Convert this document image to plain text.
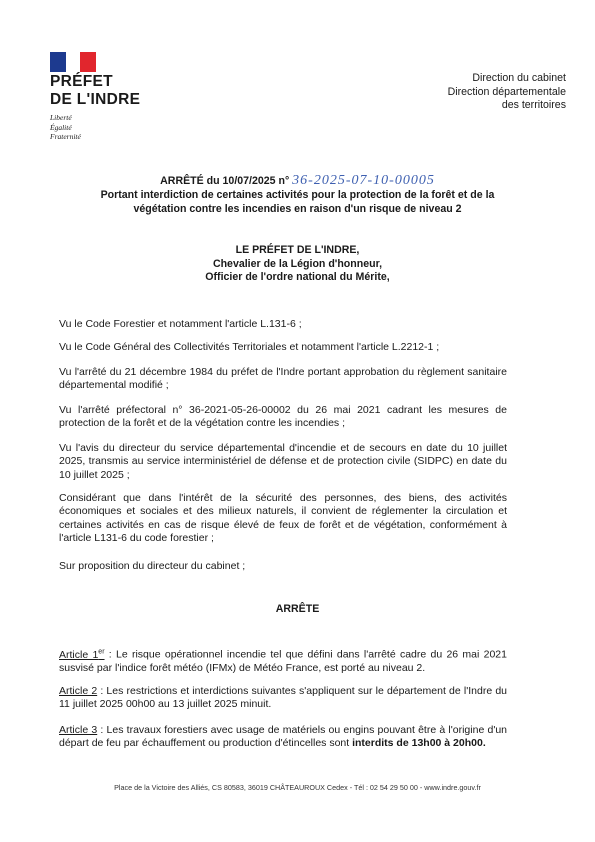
PRÉFET
DE L'INDRE
Liberté
Égalité
Fraternité
Direction du cabinet
Direction départementale
des territoires
ARRÊTÉ du 10/07/2025 n° 36-2025-07-10-00005
Portant interdiction de certaines activités pour la protection de la forêt et de la
végétation contre les incendies en raison d'un risque de niveau 2
LE PRÉFET DE L'INDRE,
Chevalier de la Légion d'honneur,
Officier de l'ordre national du Mérite,

Vu le Code Forestier et notamment l'article L.131-6 ;

Vu le Code Général des Collectivités Territoriales et notamment l'article L.2212-1 ;

Vu l'arrêté du 21 décembre 1984 du préfet de l'Indre portant approbation du règlement sanitaire départemental modifié ;

Vu l'arrêté préfectoral n° 36-2021-05-26-00002 du 26 mai 2021 cadrant les mesures de protection de la forêt et de la végétation contre les incendies ;

Vu l'avis du directeur du service départemental d'incendie et de secours en date du 10 juillet 2025, transmis au service interministériel de défense et de protection civile (SIDPC) en date du 10 juillet 2025 ;

Considérant que dans l'intérêt de la sécurité des personnes, des biens, des activités économiques et sociales et des milieux naturels, il convient de réglementer la circulation et certaines activités en cas de risque élevé de feux de forêt et de végétation, conformément à l'article L131-6 du code forestier ;

Sur proposition du directeur du cabinet ;

ARRÊTE

Article 1er : Le risque opérationnel incendie tel que défini dans l'arrêté cadre du 26 mai 2021 susvisé par l'indice forêt météo (IFMx) de Météo France, est porté au niveau 2.

Article 2 : Les restrictions et interdictions suivantes s'appliquent sur le département de l'Indre du 11 juillet 2025 00h00 au 13 juillet 2025 minuit.

Article 3 : Les travaux forestiers avec usage de matériels ou engins pouvant être à l'origine d'un départ de feu par échauffement ou production d'étincelles sont interdits de 13h00 à 20h00.

Place de la Victoire des Alliés, CS 80583, 36019 CHÂTEAUROUX Cedex - Tél : 02 54 29 50 00 - www.indre.gouv.fr
